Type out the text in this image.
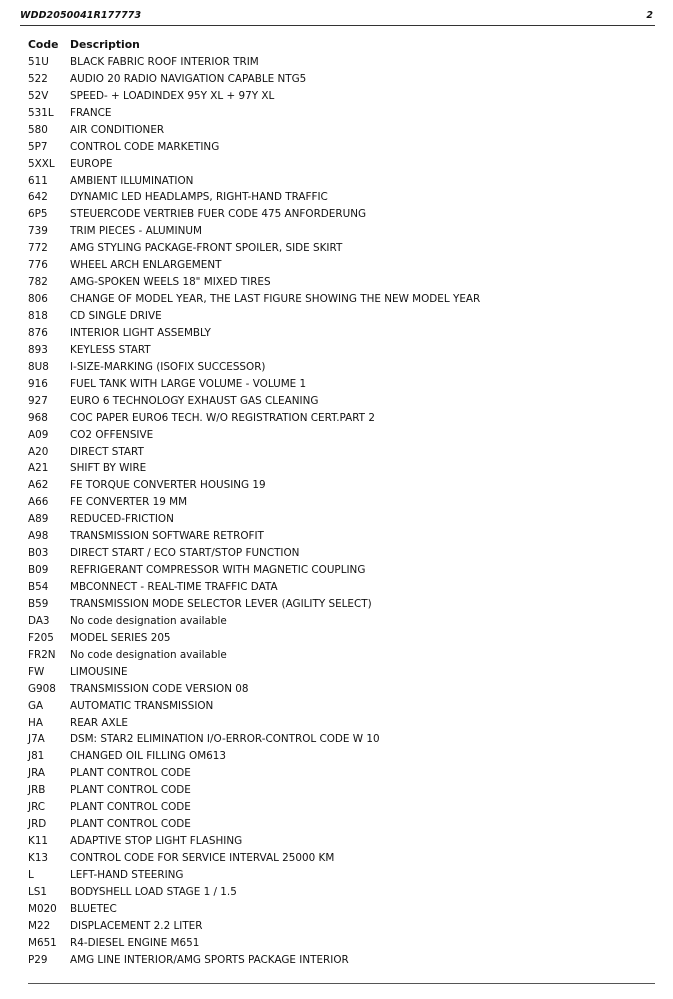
WDD2050041R177773	2
Code	Description
51U	BLACK FABRIC ROOF INTERIOR TRIM
522	AUDIO 20 RADIO NAVIGATION CAPABLE NTG5
52V	SPEED- + LOADINDEX 95Y XL + 97Y XL
531L	FRANCE
580	AIR CONDITIONER
5P7	CONTROL CODE MARKETING
5XXL	EUROPE
611	AMBIENT ILLUMINATION
642	DYNAMIC LED HEADLAMPS, RIGHT-HAND TRAFFIC
6P5	STEUERCODE VERTRIEB FUER CODE 475 ANFORDERUNG
739	TRIM PIECES - ALUMINUM
772	AMG STYLING PACKAGE-FRONT SPOILER, SIDE SKIRT
776	WHEEL ARCH ENLARGEMENT
782	AMG-SPOKEN WEELS 18" MIXED TIRES
806	CHANGE OF MODEL YEAR, THE LAST FIGURE SHOWING THE NEW MODEL YEAR
818	CD SINGLE DRIVE
876	INTERIOR LIGHT ASSEMBLY
893	KEYLESS START
8U8	I-SIZE-MARKING (ISOFIX SUCCESSOR)
916	FUEL TANK WITH LARGE VOLUME - VOLUME 1
927	EURO 6 TECHNOLOGY EXHAUST GAS CLEANING
968	COC PAPER EURO6 TECH. W/O REGISTRATION CERT.PART 2
A09	CO2 OFFENSIVE
A20	DIRECT START
A21	SHIFT BY WIRE
A62	FE TORQUE CONVERTER HOUSING 19
A66	FE CONVERTER 19 MM
A89	REDUCED-FRICTION
A98	TRANSMISSION SOFTWARE RETROFIT
B03	DIRECT START / ECO START/STOP FUNCTION
B09	REFRIGERANT COMPRESSOR WITH MAGNETIC COUPLING
B54	MBCONNECT - REAL-TIME TRAFFIC DATA
B59	TRANSMISSION MODE SELECTOR LEVER (AGILITY SELECT)
DA3	No code designation available
F205	MODEL SERIES 205
FR2N	No code designation available
FW	LIMOUSINE
G908	TRANSMISSION CODE VERSION 08
GA	AUTOMATIC TRANSMISSION
HA	REAR AXLE
J7A	DSM: STAR2 ELIMINATION I/O-ERROR-CONTROL CODE W 10
J81	CHANGED OIL FILLING OM613
JRA	PLANT CONTROL CODE
JRB	PLANT CONTROL CODE
JRC	PLANT CONTROL CODE
JRD	PLANT CONTROL CODE
K11	ADAPTIVE STOP LIGHT FLASHING
K13	CONTROL CODE FOR SERVICE INTERVAL 25000 KM
L	LEFT-HAND STEERING
LS1	BODYSHELL LOAD STAGE 1 / 1.5
M020	BLUETEC
M22	DISPLACEMENT 2.2 LITER
M651	R4-DIESEL ENGINE M651
P29	AMG LINE INTERIOR/AMG SPORTS PACKAGE INTERIOR
